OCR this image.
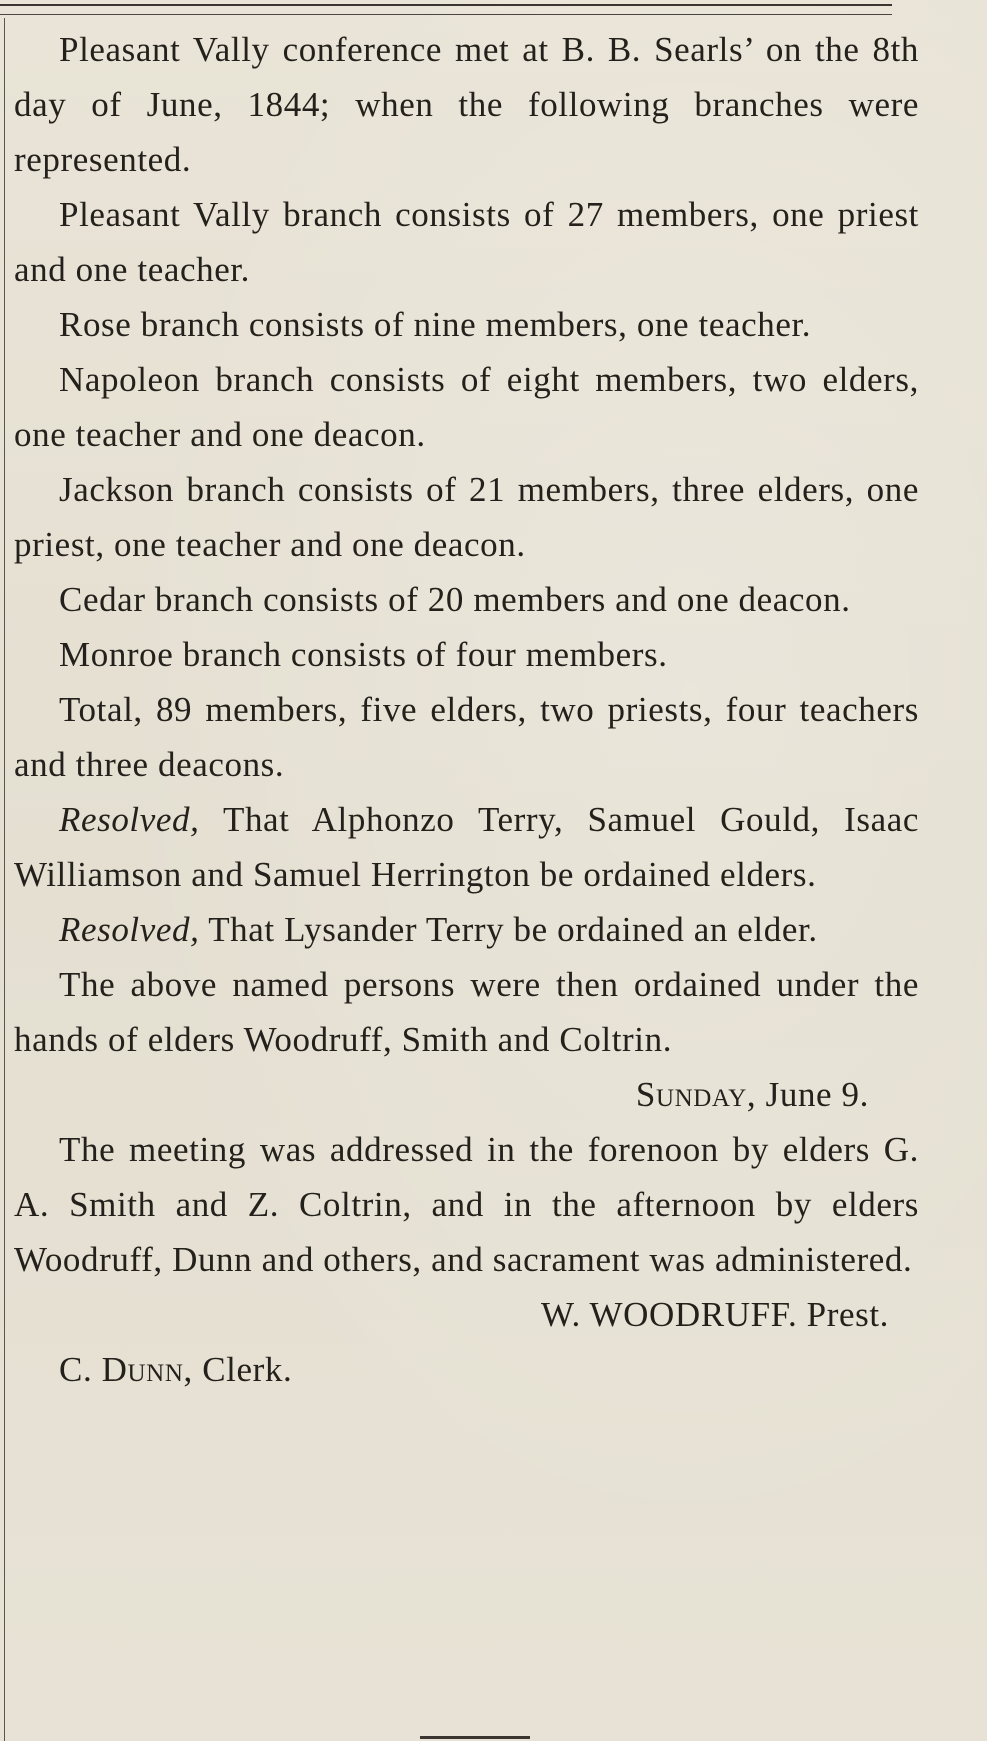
Pleasant Vally conference met at B. B. Searls’ on the 8th day of June, 1844; when the following branches were represented.

Pleasant Vally branch consists of 27 members, one priest and one teacher.

Rose branch consists of nine members, one teacher.

Napoleon branch consists of eight members, two elders, one teacher and one deacon.

Jackson branch consists of 21 members, three elders, one priest, one teacher and one deacon.

Cedar branch consists of 20 members and one deacon.

Monroe branch consists of four members.

Total, 89 members, five elders, two priests, four teachers and three deacons.

Resolved, That Alphonzo Terry, Samuel Gould, Isaac Williamson and Samuel Herrington be ordained elders.

Resolved, That Lysander Terry be ordained an elder.

The above named persons were then ordained under the hands of elders Woodruff, Smith and Coltrin.

Sunday, June 9.

The meeting was addressed in the forenoon by elders G. A. Smith and Z. Coltrin, and in the afternoon by elders Woodruff, Dunn and others, and sacrament was administered.

W. WOODRUFF. Prest.

C. Dunn, Clerk.
